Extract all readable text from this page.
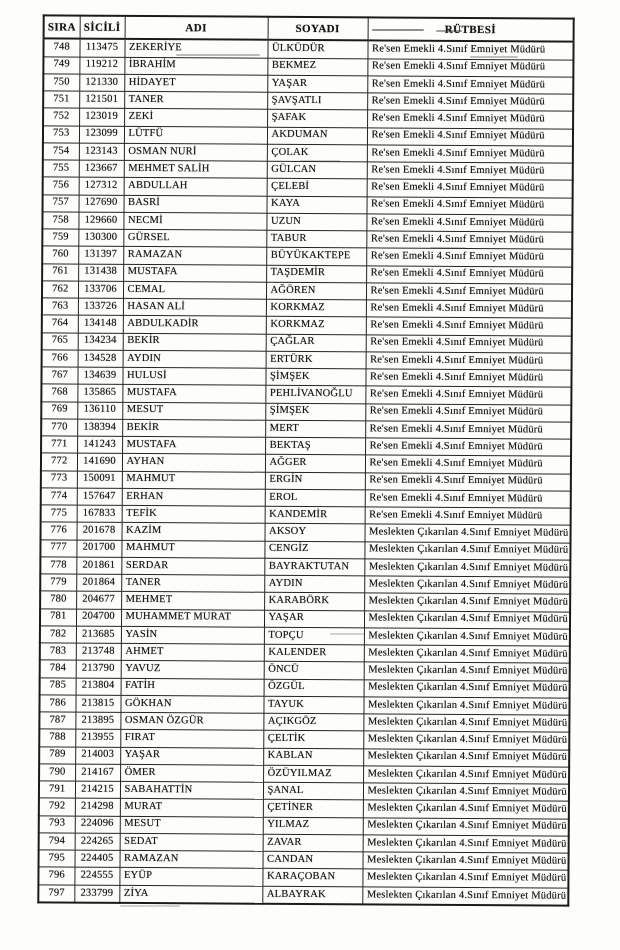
SIRA	SİCİLİ	ADI	SOYADI	RÜTBESİ
748	113475	ZEKERİYE	ÜLKÜDÜR	Re'sen Emekli 4.Sınıf Emniyet Müdürü
749	119212	İBRAHİM	BEKMEZ	Re'sen Emekli 4.Sınıf Emniyet Müdürü
750	121330	HİDAYET	YAŞAR	Re'sen Emekli 4.Sınıf Emniyet Müdürü
751	121501	TANER	ŞAVŞATLI	Re'sen Emekli 4.Sınıf Emniyet Müdürü
752	123019	ZEKİ	ŞAFAK	Re'sen Emekli 4.Sınıf Emniyet Müdürü
753	123099	LÜTFÜ	AKDUMAN	Re'sen Emekli 4.Sınıf Emniyet Müdürü
754	123143	OSMAN NURİ	ÇOLAK	Re'sen Emekli 4.Sınıf Emniyet Müdürü
755	123667	MEHMET SALİH	GÜLCAN	Re'sen Emekli 4.Sınıf Emniyet Müdürü
756	127312	ABDULLAH	ÇELEBİ	Re'sen Emekli 4.Sınıf Emniyet Müdürü
757	127690	BASRİ	KAYA	Re'sen Emekli 4.Sınıf Emniyet Müdürü
758	129660	NECMİ	UZUN	Re'sen Emekli 4.Sınıf Emniyet Müdürü
759	130300	GÜRSEL	TABUR	Re'sen Emekli 4.Sınıf Emniyet Müdürü
760	131397	RAMAZAN	BÜYÜKAKTEPE	Re'sen Emekli 4.Sınıf Emniyet Müdürü
761	131438	MUSTAFA	TAŞDEMİR	Re'sen Emekli 4.Sınıf Emniyet Müdürü
762	133706	CEMAL	AĞÖREN	Re'sen Emekli 4.Sınıf Emniyet Müdürü
763	133726	HASAN ALİ	KORKMAZ	Re'sen Emekli 4.Sınıf Emniyet Müdürü
764	134148	ABDULKADİR	KORKMAZ	Re'sen Emekli 4.Sınıf Emniyet Müdürü
765	134234	BEKİR	ÇAĞLAR	Re'sen Emekli 4.Sınıf Emniyet Müdürü
766	134528	AYDIN	ERTÜRK	Re'sen Emekli 4.Sınıf Emniyet Müdürü
767	134639	HULUSİ	ŞİMŞEK	Re'sen Emekli 4.Sınıf Emniyet Müdürü
768	135865	MUSTAFA	PEHLİVANOĞLU	Re'sen Emekli 4.Sınıf Emniyet Müdürü
769	136110	MESUT	ŞİMŞEK	Re'sen Emekli 4.Sınıf Emniyet Müdürü
770	138394	BEKİR	MERT	Re'sen Emekli 4.Sınıf Emniyet Müdürü
771	141243	MUSTAFA	BEKTAŞ	Re'sen Emekli 4.Sınıf Emniyet Müdürü
772	141690	AYHAN	AĞGER	Re'sen Emekli 4.Sınıf Emniyet Müdürü
773	150091	MAHMUT	ERGİN	Re'sen Emekli 4.Sınıf Emniyet Müdürü
774	157647	ERHAN	EROL	Re'sen Emekli 4.Sınıf Emniyet Müdürü
775	167833	TEFİK	KANDEMİR	Re'sen Emekli 4.Sınıf Emniyet Müdürü
776	201678	KAZİM	AKSOY	Meslekten Çıkarılan 4.Sınıf Emniyet Müdürü
777	201700	MAHMUT	CENGİZ	Meslekten Çıkarılan 4.Sınıf Emniyet Müdürü
778	201861	SERDAR	BAYRAKTUTAN	Meslekten Çıkarılan 4.Sınıf Emniyet Müdürü
779	201864	TANER	AYDIN	Meslekten Çıkarılan 4.Sınıf Emniyet Müdürü
780	204677	MEHMET	KARABÖRK	Meslekten Çıkarılan 4.Sınıf Emniyet Müdürü
781	204700	MUHAMMET MURAT	YAŞAR	Meslekten Çıkarılan 4.Sınıf Emniyet Müdürü
782	213685	YASİN	TOPÇU	Meslekten Çıkarılan 4.Sınıf Emniyet Müdürü
783	213748	AHMET	KALENDER	Meslekten Çıkarılan 4.Sınıf Emniyet Müdürü
784	213790	YAVUZ	ÖNCÜ	Meslekten Çıkarılan 4.Sınıf Emniyet Müdürü
785	213804	FATİH	ÖZGÜL	Meslekten Çıkarılan 4.Sınıf Emniyet Müdürü
786	213815	GÖKHAN	TAYUK	Meslekten Çıkarılan 4.Sınıf Emniyet Müdürü
787	213895	OSMAN ÖZGÜR	AÇIKGÖZ	Meslekten Çıkarılan 4.Sınıf Emniyet Müdürü
788	213955	FIRAT	ÇELTİK	Meslekten Çıkarılan 4.Sınıf Emniyet Müdürü
789	214003	YAŞAR	KABLAN	Meslekten Çıkarılan 4.Sınıf Emniyet Müdürü
790	214167	ÖMER	ÖZÜYILMAZ	Meslekten Çıkarılan 4.Sınıf Emniyet Müdürü
791	214215	SABAHATTİN	ŞANAL	Meslekten Çıkarılan 4.Sınıf Emniyet Müdürü
792	214298	MURAT	ÇETİNER	Meslekten Çıkarılan 4.Sınıf Emniyet Müdürü
793	224096	MESUT	YILMAZ	Meslekten Çıkarılan 4.Sınıf Emniyet Müdürü
794	224265	SEDAT	ZAVAR	Meslekten Çıkarılan 4.Sınıf Emniyet Müdürü
795	224405	RAMAZAN	CANDAN	Meslekten Çıkarılan 4.Sınıf Emniyet Müdürü
796	224555	EYÜP	KARAÇOBAN	Meslekten Çıkarılan 4.Sınıf Emniyet Müdürü
797	233799	ZİYA	ALBAYRAK	Meslekten Çıkarılan 4.Sınıf Emniyet Müdürü
